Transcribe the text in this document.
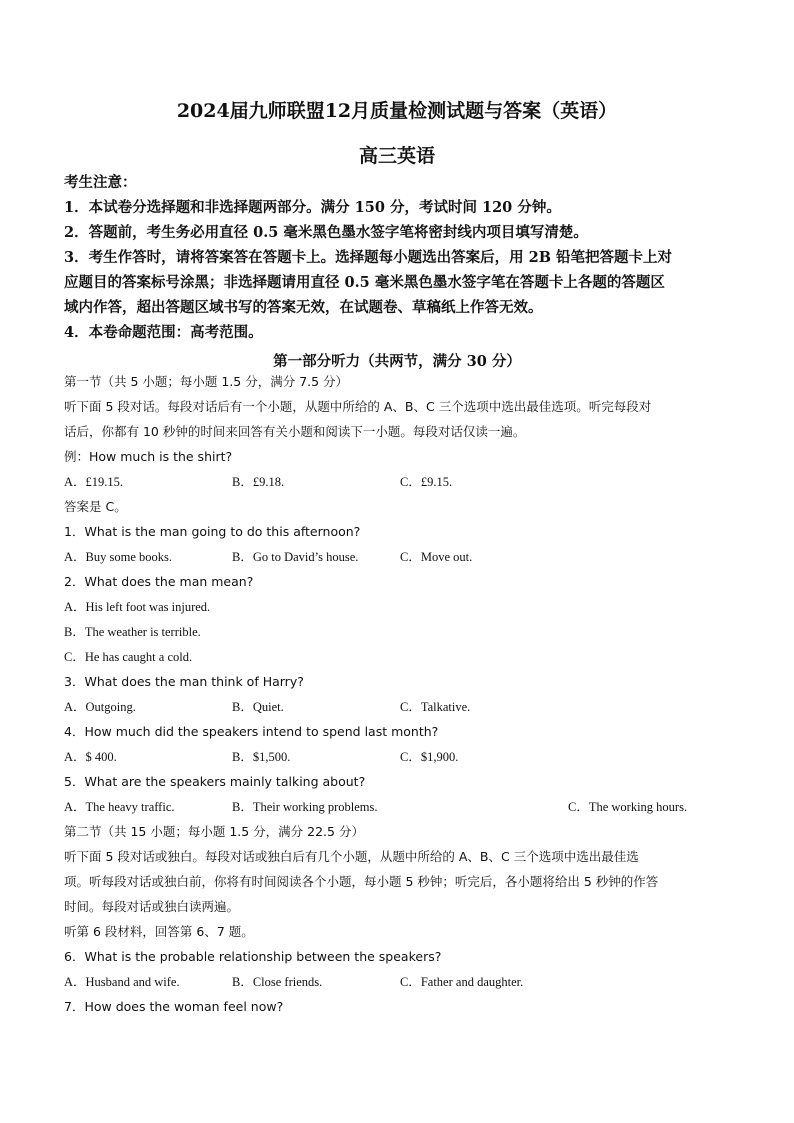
2024届九师联盟12月质量检测试题与答案（英语）
高三英语
考生注意：
1．本试卷分选择题和非选择题两部分。满分 150 分，考试时间 120 分钟。
2．答题前，考生务必用直径 0.5 毫米黑色墨水签字笔将密封线内项目填写清楚。
3．考生作答时，请将答案答在答题卡上。选择题每小题选出答案后，用 2B 铅笔把答题卡上对
应题目的答案标号涂黑；非选择题请用直径 0.5 毫米黑色墨水签字笔在答题卡上各题的答题区
域内作答，超出答题区域书写的答案无效，在试题卷、草稿纸上作答无效。
4．本卷命题范围：高考范围。
第一部分听力（共两节，满分 30 分）
第一节（共 5 小题；每小题 1.5 分，满分 7.5 分）
听下面 5 段对话。每段对话后有一个小题，从题中所给的 A、B、C 三个选项中选出最佳选项。听完每段对
话后，你都有 10 秒钟的时间来回答有关小题和阅读下一小题。每段对话仅读一遍。
例：How much is the shirt?
A．£19.15.	B．£9.18.	C．£9.15.
答案是 C。
1．What is the man going to do this afternoon?
A．Buy some books.	B．Go to David’s house.	C．Move out.
2．What does the man mean?
A．His left foot was injured.
B．The weather is terrible.
C．He has caught a cold.
3．What does the man think of Harry?
A．Outgoing.	B．Quiet.	C．Talkative.
4．How much did the speakers intend to spend last month?
A．$ 400.	B．$1,500.	C．$1,900.
5．What are the speakers mainly talking about?
A．The heavy traffic.	B．Their working problems.	C．The working hours.
第二节（共 15 小题；每小题 1.5 分，满分 22.5 分）
听下面 5 段对话或独白。每段对话或独白后有几个小题，从题中所给的 A、B、C 三个选项中选出最佳选
项。听每段对话或独白前，你将有时间阅读各个小题，每小题 5 秒钟；听完后，各小题将给出 5 秒钟的作答
时间。每段对话或独白读两遍。
听第 6 段材料，回答第 6、7 题。
6．What is the probable relationship between the speakers?
A．Husband and wife.	B．Close friends.	C．Father and daughter.
7．How does the woman feel now?
